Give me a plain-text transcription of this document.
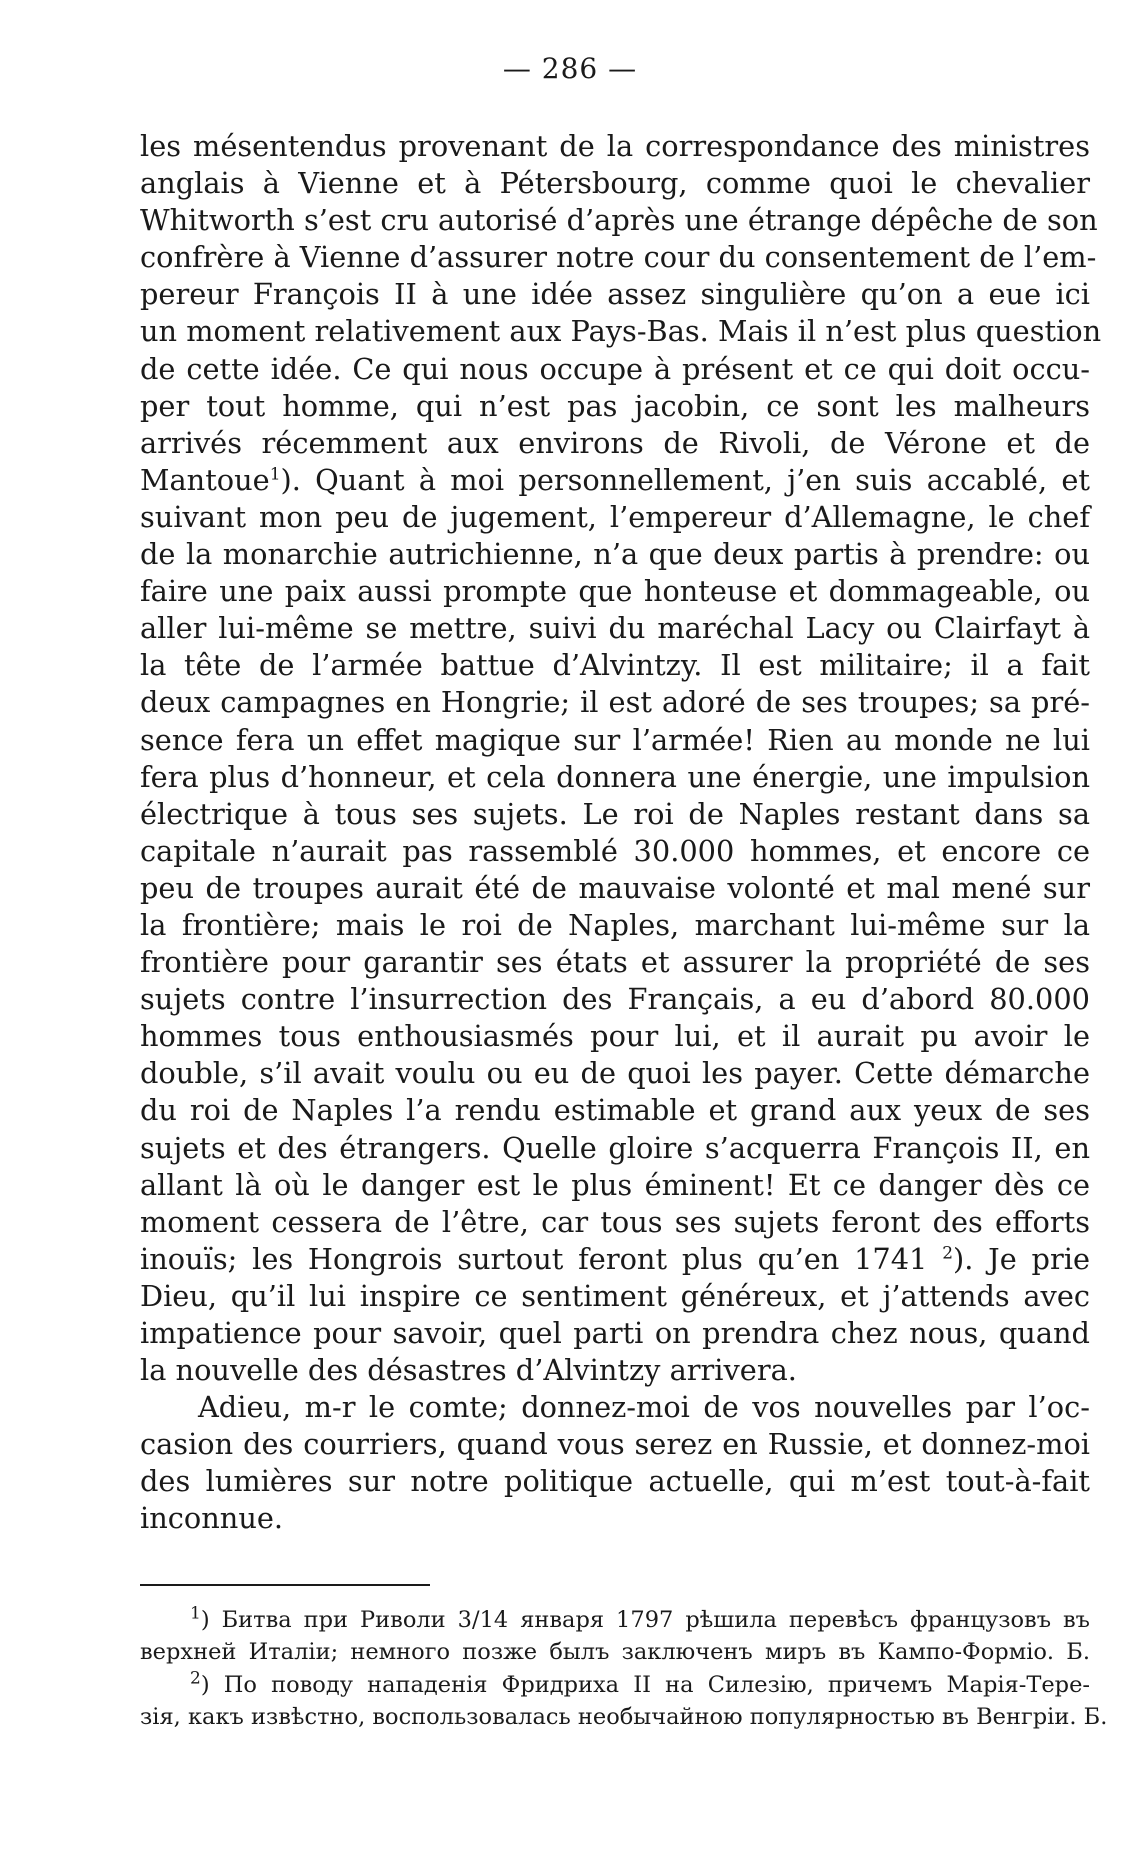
— 286 —
les mésentendus provenant de la correspondance des ministres
anglais à Vienne et à Pétersbourg, comme quoi le chevalier
Whitworth s’est cru autorisé d’après une étrange dépêche de son
confrère à Vienne d’assurer notre cour du consentement de l’em-
pereur François II à une idée assez singulière qu’on a eue ici
un moment relativement aux Pays-Bas. Mais il n’est plus question
de cette idée. Ce qui nous occupe à présent et ce qui doit occu-
per tout homme, qui n’est pas jacobin, ce sont les malheurs
arrivés récemment aux environs de Rivoli, de Vérone et de
Mantoue$^1$). Quant à moi personnellement, j’en suis accablé, et
suivant mon peu de jugement, l’empereur d’Allemagne, le chef
de la monarchie autrichienne, n’a que deux partis à prendre: ou
faire une paix aussi prompte que honteuse et dommageable, ou
aller lui-même se mettre, suivi du maréchal Lacy ou Clairfayt à
la tête de l’armée battue d’Alvintzy. Il est militaire; il a fait
deux campagnes en Hongrie; il est adoré de ses troupes; sa pré-
sence fera un effet magique sur l’armée! Rien au monde ne lui
fera plus d’honneur, et cela donnera une énergie, une impulsion
électrique à tous ses sujets. Le roi de Naples restant dans sa
capitale n’aurait pas rassemblé 30.000 hommes, et encore ce
peu de troupes aurait été de mauvaise volonté et mal mené sur
la frontière; mais le roi de Naples, marchant lui-même sur la
frontière pour garantir ses états et assurer la propriété de ses
sujets contre l’insurrection des Français, a eu d’abord 80.000
hommes tous enthousiasmés pour lui, et il aurait pu avoir le
double, s’il avait voulu ou eu de quoi les payer. Cette démarche
du roi de Naples l’a rendu estimable et grand aux yeux de ses
sujets et des étrangers. Quelle gloire s’acquerra François II, en
allant là où le danger est le plus éminent! Et ce danger dès ce
moment cessera de l’être, car tous ses sujets feront des efforts
inouïs; les Hongrois surtout feront plus qu’en 1741 $^2$). Je prie
Dieu, qu’il lui inspire ce sentiment généreux, et j’attends avec
impatience pour savoir, quel parti on prendra chez nous, quand
la nouvelle des désastres d’Alvintzy arrivera.
Adieu, m-r le comte; donnez-moi de vos nouvelles par l’oc-
casion des courriers, quand vous serez en Russie, et donnez-moi
des lumières sur notre politique actuelle, qui m’est tout-à-fait
inconnue.
$^1$) Битва при Риволи 3/14 января 1797 рѣшила перевѣсъ французовъ въ
верхней Италіи; немного позже былъ заключенъ миръ въ Кампо-Форміо. Б.
$^2$) По поводу нападенія Фридриха II на Силезію, причемъ Марія-Tере-
зія, какъ извѣстно, воспользовалась необычайною популярностью въ Венгріи. Б.
